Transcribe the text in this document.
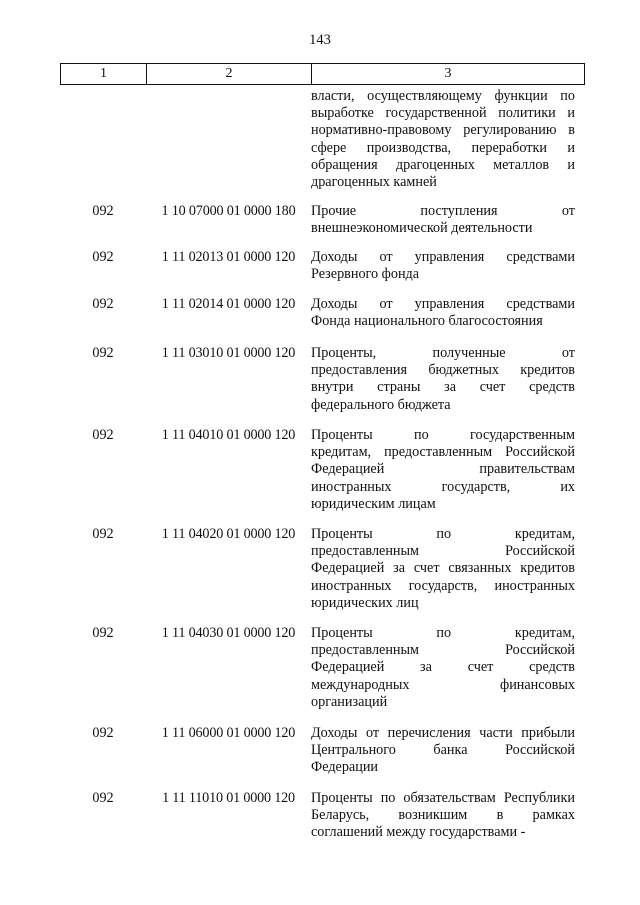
143
1	2	3
власти, осуществляющему функции по
выработке государственной политики и
нормативно-правовому регулированию в
сфере производства, переработки и
обращения драгоценных металлов и
драгоценных камней
092	1 10 07000 01 0000 180	Прочие поступления от
внешнеэкономической деятельности
092	1 11 02013 01 0000 120	Доходы от управления средствами
Резервного фонда
092	1 11 02014 01 0000 120	Доходы от управления средствами
Фонда национального благосостояния
092	1 11 03010 01 0000 120	Проценты, полученные от
предоставления бюджетных кредитов
внутри страны за счет средств
федерального бюджета
092	1 11 04010 01 0000 120	Проценты по государственным
кредитам, предоставленным Российской
Федерацией правительствам
иностранных государств, их
юридическим лицам
092	1 11 04020 01 0000 120	Проценты по кредитам,
предоставленным Российской
Федерацией за счет связанных кредитов
иностранных государств, иностранных
юридических лиц
092	1 11 04030 01 0000 120	Проценты по кредитам,
предоставленным Российской
Федерацией за счет средств
международных финансовых
организаций
092	1 11 06000 01 0000 120	Доходы от перечисления части прибыли
Центрального банка Российской
Федерации
092	1 11 11010 01 0000 120	Проценты по обязательствам Республики
Беларусь, возникшим в рамках
соглашений между государствами -
